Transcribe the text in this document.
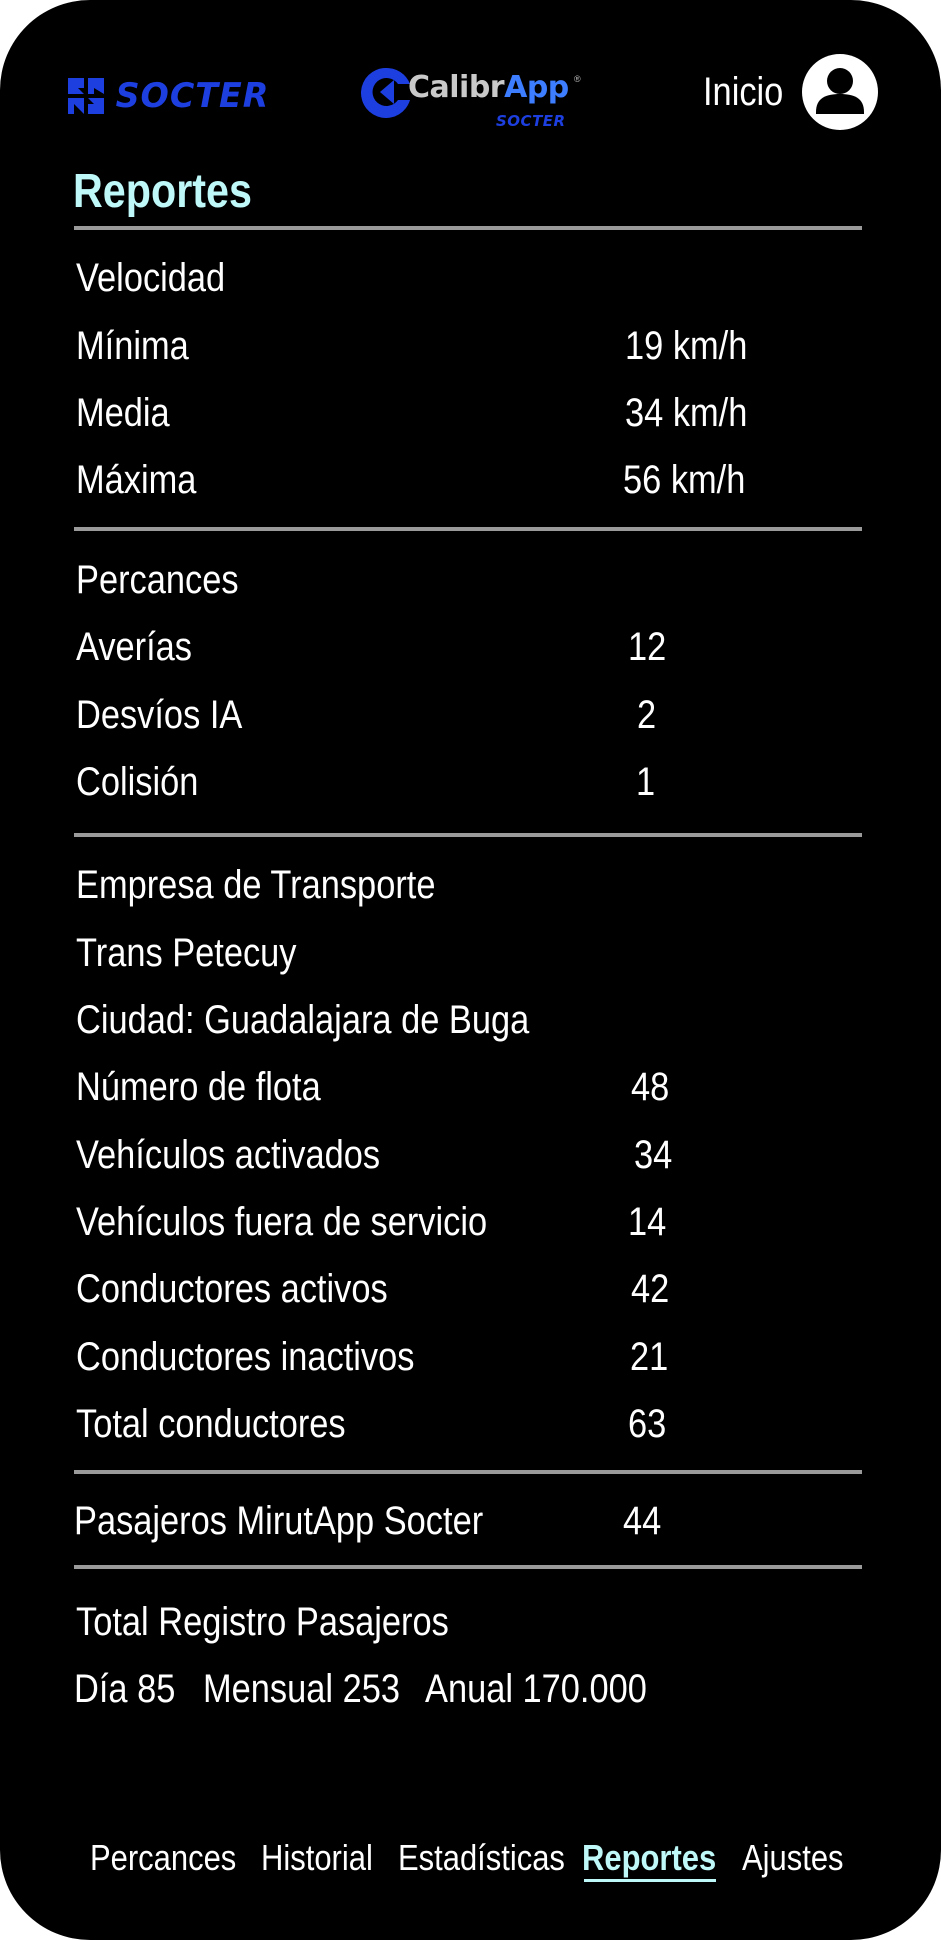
SOCTER	CalibrApp ®
SOCTER
Inicio
Reportes
Velocidad
Mínima	19 km/h
Media	34 km/h
Máxima	56 km/h
Percances
Averías	12
Desvíos IA	2
Colisión	1
Empresa de Transporte
Trans Petecuy
Ciudad: Guadalajara de Buga
Número de flota	48
Vehículos activados	34
Vehículos fuera de servicio	14
Conductores activos	42
Conductores inactivos	21
Total conductores	63
Pasajeros MirutApp Socter	44
Total Registro Pasajeros
Día 85 Mensual 253 Anual 170.000
Percances Historial Estadísticas Reportes Ajustes
